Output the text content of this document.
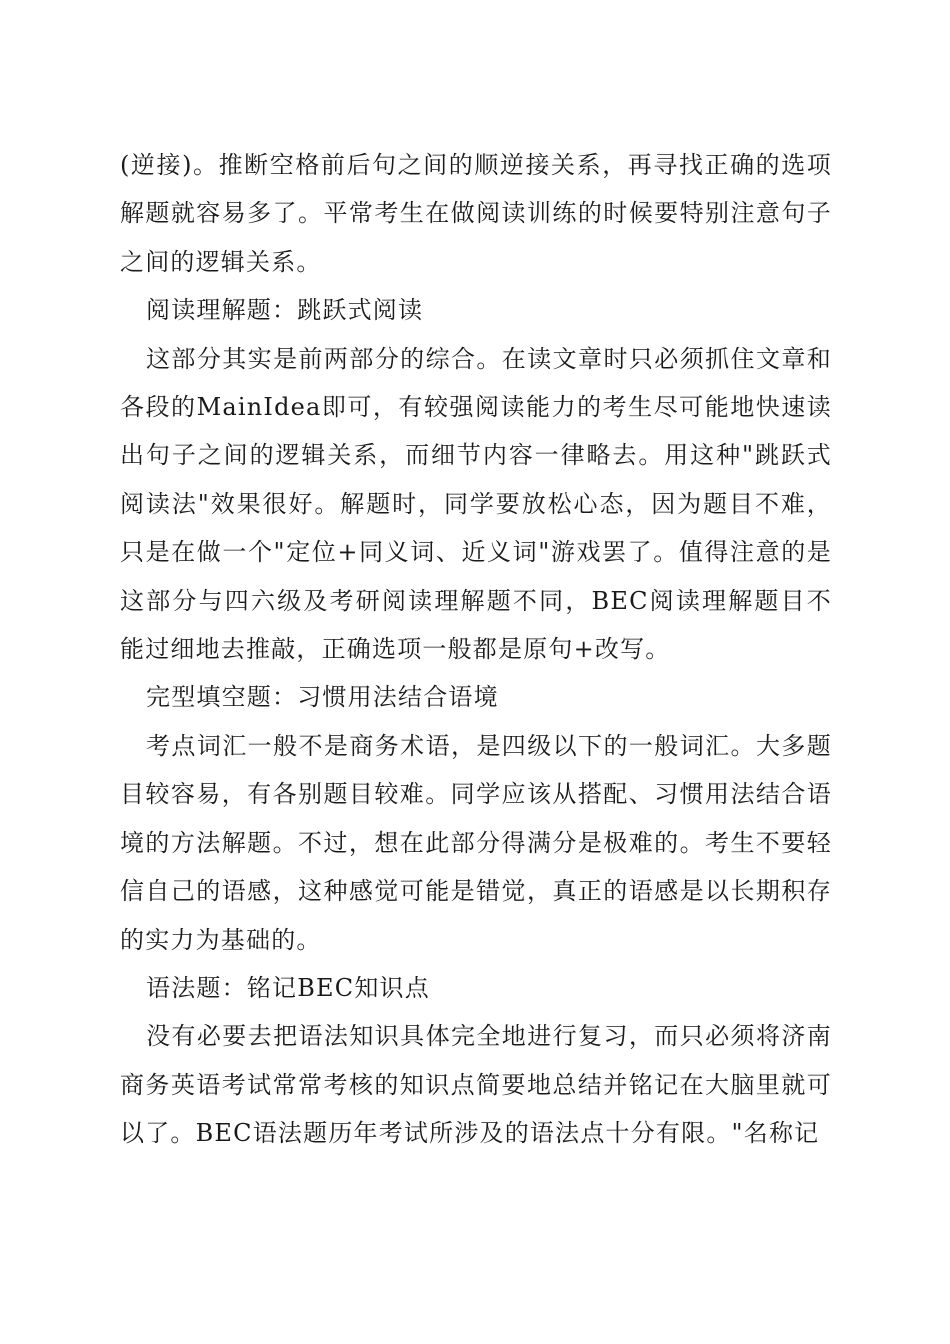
(逆接)。推断空格前后句之间的顺逆接关系，再寻找正确的选项解题就容易多了。平常考生在做阅读训练的时候要特别注意句子之间的逻辑关系。

阅读理解题：跳跃式阅读

这部分其实是前两部分的综合。在读文章时只必须抓住文章和各段的MainIdea即可，有较强阅读能力的考生尽可能地快速读出句子之间的逻辑关系，而细节内容一律略去。用这种"跳跃式阅读法"效果很好。解题时，同学要放松心态，因为题目不难，只是在做一个"定位+同义词、近义词"游戏罢了。值得注意的是这部分与四六级及考研阅读理解题不同，BEC阅读理解题目不能过细地去推敲，正确选项一般都是原句+改写。

完型填空题：习惯用法结合语境

考点词汇一般不是商务术语，是四级以下的一般词汇。大多题目较容易，有各别题目较难。同学应该从搭配、习惯用法结合语境的方法解题。不过，想在此部分得满分是极难的。考生不要轻信自己的语感，这种感觉可能是错觉，真正的语感是以长期积存的实力为基础的。

语法题：铭记BEC知识点

没有必要去把语法知识具体完全地进行复习，而只必须将济南商务英语考试常常考核的知识点简要地总结并铭记在大脑里就可以了。BEC语法题历年考试所涉及的语法点十分有限。"名称记
